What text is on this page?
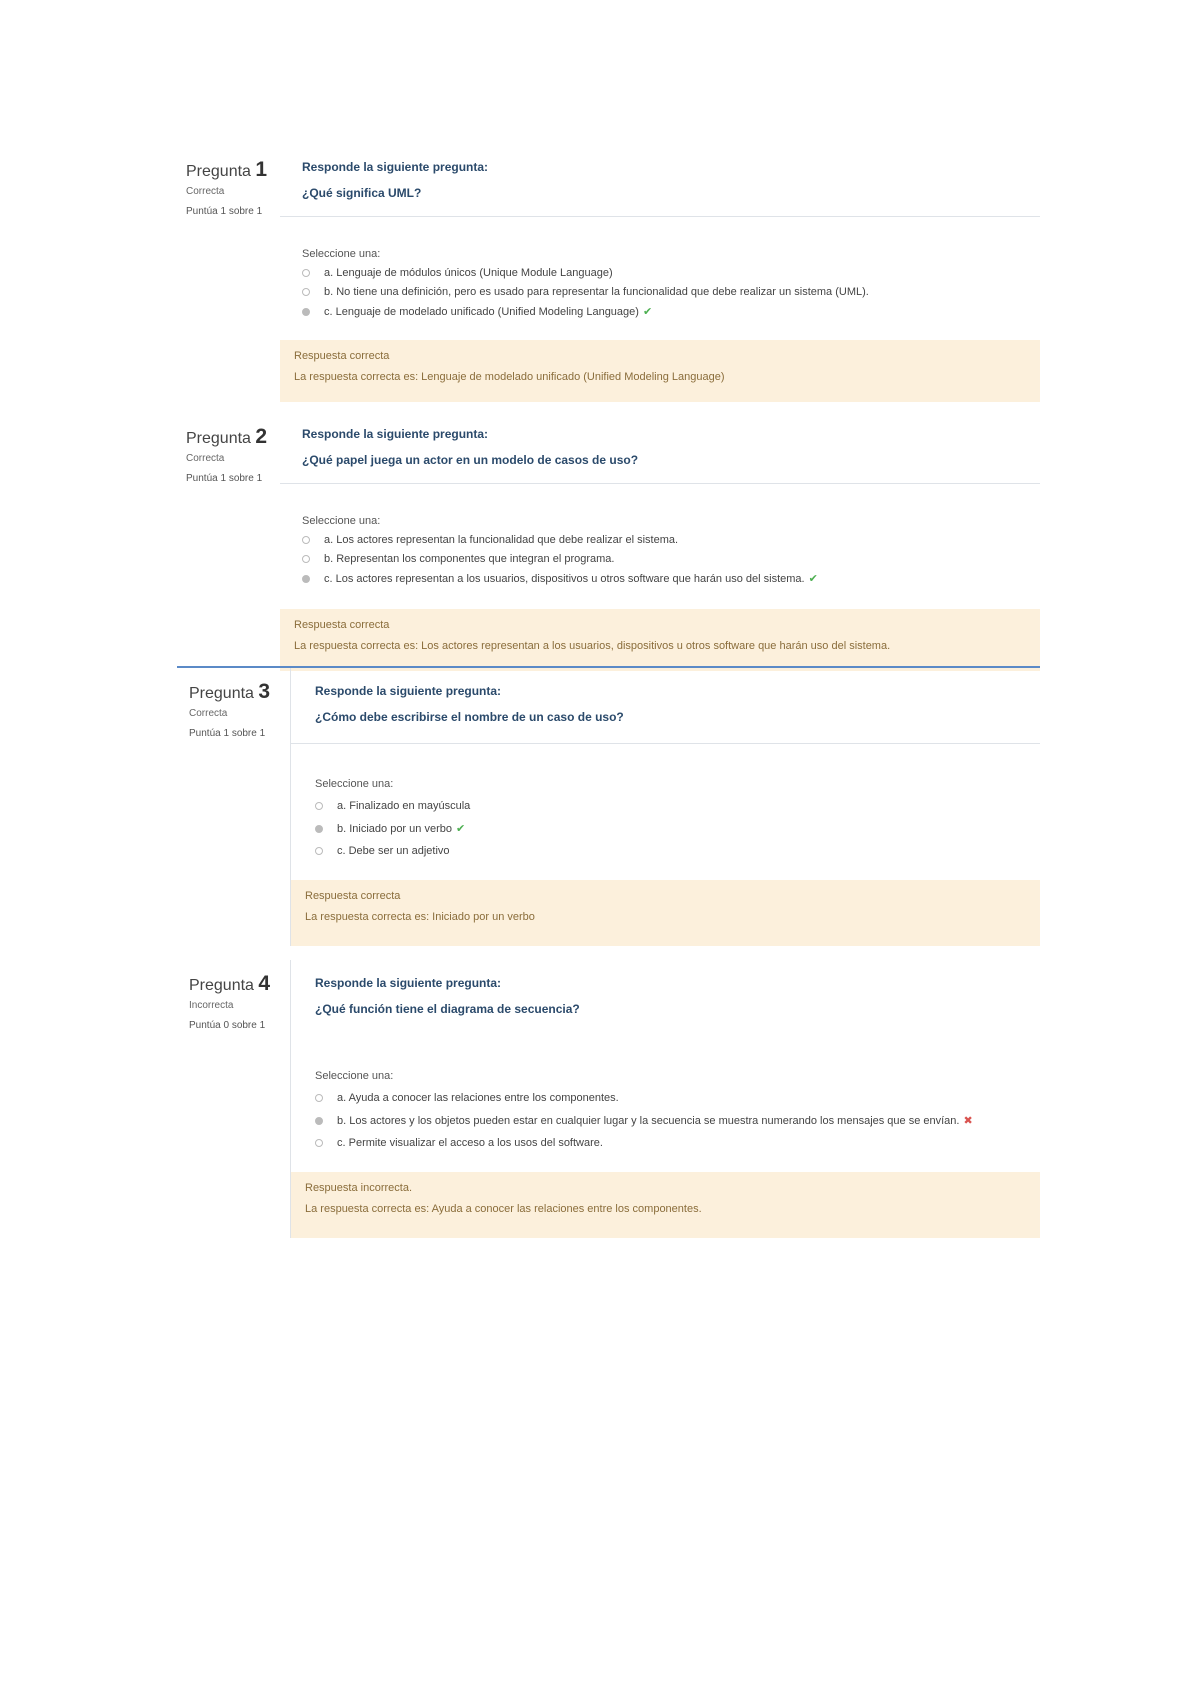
Pregunta 1
Correcta
Puntúa 1 sobre 1
Responde la siguiente pregunta:
¿Qué significa UML?
Seleccione una:
a. Lenguaje de módulos únicos (Unique Module Language)
b. No tiene una definición, pero es usado para representar la funcionalidad que debe realizar un sistema (UML).
c. Lenguaje de modelado unificado (Unified Modeling Language) ✔
Respuesta correcta
La respuesta correcta es: Lenguaje de modelado unificado (Unified Modeling Language)
Pregunta 2
Correcta
Puntúa 1 sobre 1
Responde la siguiente pregunta:
¿Qué papel juega un actor en un modelo de casos de uso?
Seleccione una:
a. Los actores representan la funcionalidad que debe realizar el sistema.
b. Representan los componentes que integran el programa.
c. Los actores representan a los usuarios, dispositivos u otros software que harán uso del sistema. ✔
Respuesta correcta
La respuesta correcta es: Los actores representan a los usuarios, dispositivos u otros software que harán uso del sistema.
Pregunta 3
Correcta
Puntúa 1 sobre 1
Responde la siguiente pregunta:
¿Cómo debe escribirse el nombre de un caso de uso?
Seleccione una:
a. Finalizado en mayúscula
b. Iniciado por un verbo ✔
c. Debe ser un adjetivo
Respuesta correcta
La respuesta correcta es: Iniciado por un verbo
Pregunta 4
Incorrecta
Puntúa 0 sobre 1
Responde la siguiente pregunta:
¿Qué función tiene el diagrama de secuencia?
Seleccione una:
a. Ayuda a conocer las relaciones entre los componentes.
b. Los actores y los objetos pueden estar en cualquier lugar y la secuencia se muestra numerando los mensajes que se envían. ✖
c. Permite visualizar el acceso a los usos del software.
Respuesta incorrecta.
La respuesta correcta es: Ayuda a conocer las relaciones entre los componentes.
